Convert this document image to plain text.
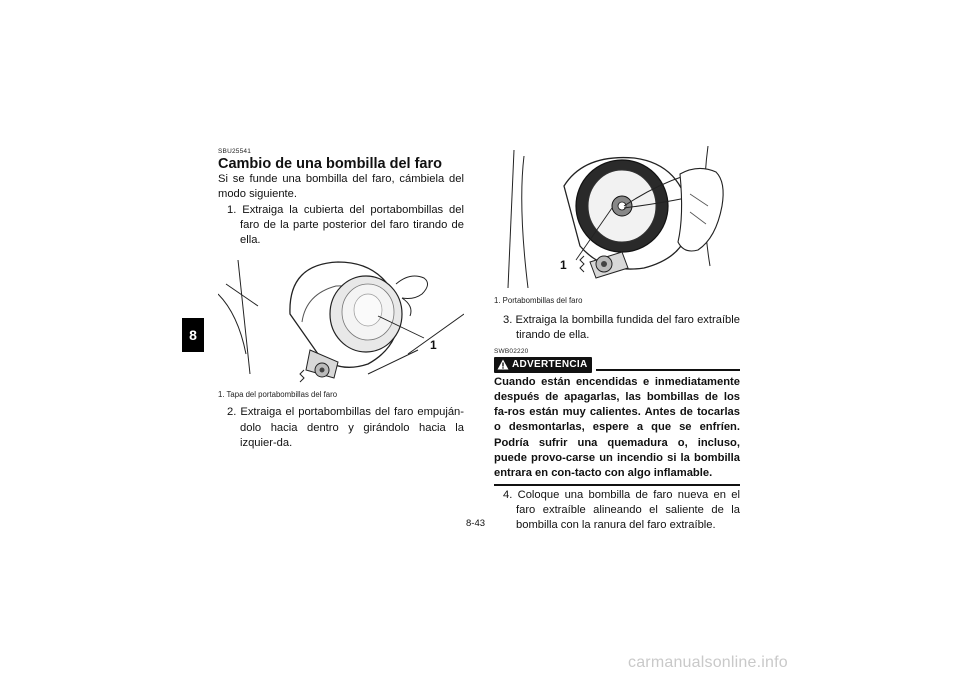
8
SBU25541
Cambio de una bombilla del faro

Si se funde una bombilla del faro, cámbiela del modo siguiente.

1. Extraiga la cubierta del portabombillas del faro de la parte posterior del faro tirando de ella.
1
1. Tapa del portabombillas del faro
2. Extraiga el portabombillas del faro empuján-dolo hacia dentro y girándolo hacia la izquier-da.
1
1. Portabombillas del faro
3. Extraiga la bombilla fundida del faro extraíble tirando de ella.
SWB02220
ADVERTENCIA
Cuando están encendidas e inmediatamente después de apagarlas, las bombillas de los fa-ros están muy calientes. Antes de tocarlas o desmontarlas, espere a que se enfríen. Podría sufrir una quemadura o, incluso, puede provo-carse un incendio si la bombilla entrara en con-tacto con algo inflamable.
4. Coloque una bombilla de faro nueva en el faro extraíble alineando el saliente de la bombilla con la ranura del faro extraíble.
8-43
carmanualsonline.info
